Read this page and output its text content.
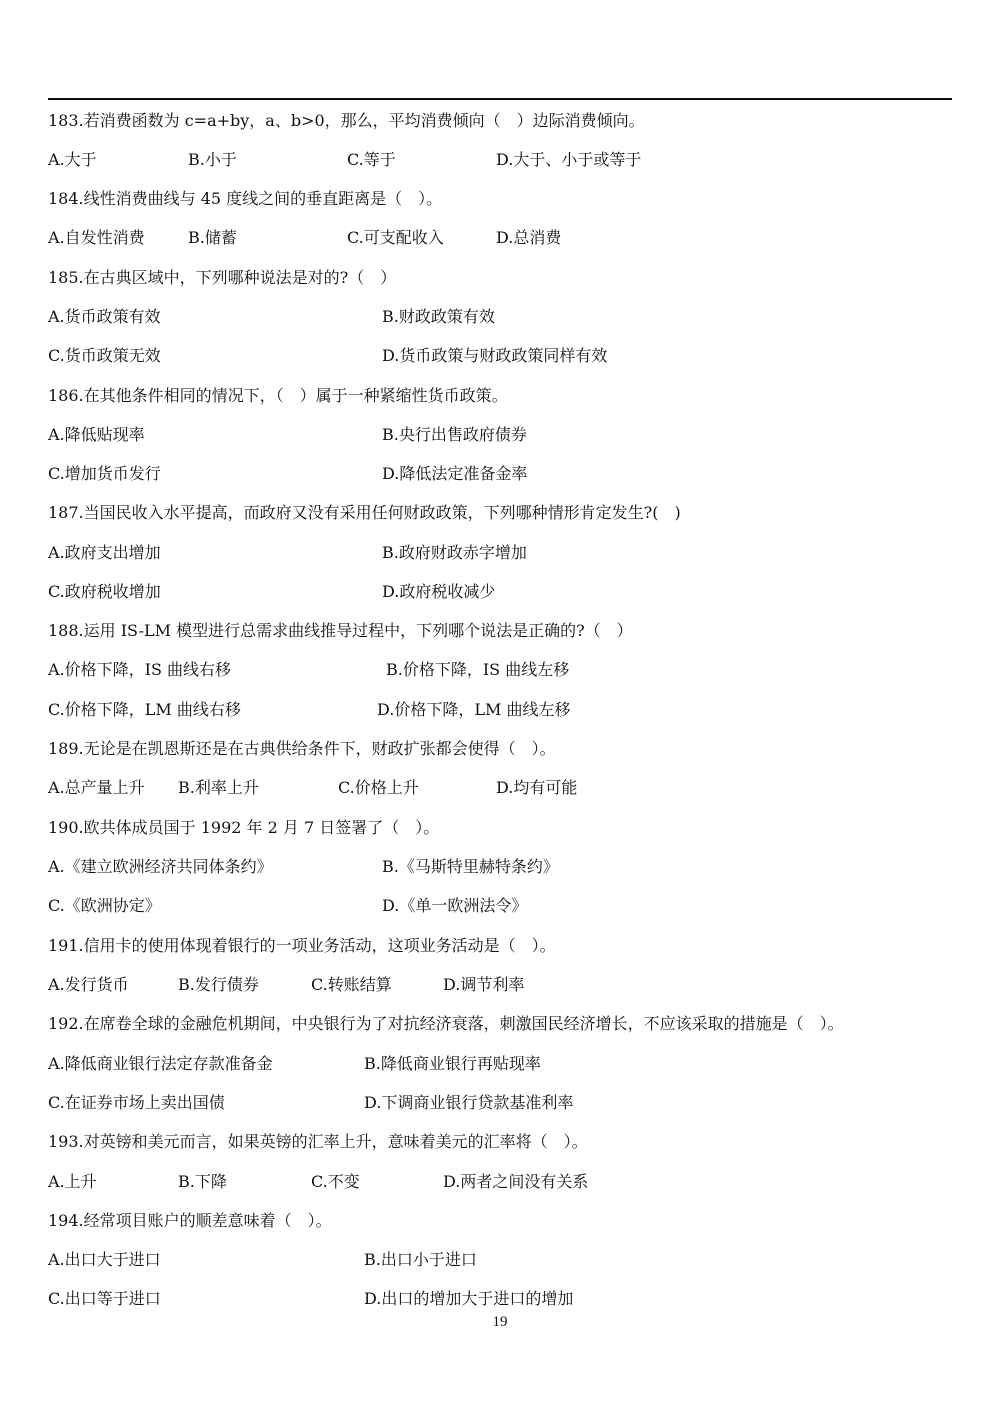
183.若消费函数为 c=a+by，a、b>0，那么，平均消费倾向（　）边际消费倾向。
A.大于	B.小于	C.等于	D.大于、小于或等于
184.线性消费曲线与 45 度线之间的垂直距离是（　）。
A.自发性消费	B.储蓄	C.可支配收入	D.总消费
185.在古典区域中，下列哪种说法是对的?（　）
A.货币政策有效	B.财政政策有效
C.货币政策无效	D.货币政策与财政政策同样有效
186.在其他条件相同的情况下，（　）属于一种紧缩性货币政策。
A.降低贴现率	B.央行出售政府债券
C.增加货币发行	D.降低法定准备金率
187.当国民收入水平提高，而政府又没有采用任何财政政策，下列哪种情形肯定发生?(　)
A.政府支出增加	B.政府财政赤字增加
C.政府税收增加	D.政府税收减少
188.运用 IS-LM 模型进行总需求曲线推导过程中，下列哪个说法是正确的?（　）
A.价格下降，IS 曲线右移	B.价格下降，IS 曲线左移
C.价格下降，LM 曲线右移	D.价格下降，LM 曲线左移
189.无论是在凯恩斯还是在古典供给条件下，财政扩张都会使得（　）。
A.总产量上升 B.利率上升	C.价格上升	D.均有可能
190.欧共体成员国于 1992 年 2 月 7 日签署了（　）。
A.《建立欧洲经济共同体条约》	B.《马斯特里赫特条约》
C.《欧洲协定》	D.《单一欧洲法令》
191.信用卡的使用体现着银行的一项业务活动，这项业务活动是（　）。
A.发行货币	B.发行债券	C.转账结算	D.调节利率
192.在席卷全球的金融危机期间，中央银行为了对抗经济衰落，刺激国民经济增长，不应该采取的措施是（　）。
A.降低商业银行法定存款准备金	B.降低商业银行再贴现率
C.在证券市场上卖出国债	D.下调商业银行贷款基准利率
193.对英镑和美元而言，如果英镑的汇率上升，意味着美元的汇率将（　）。
A.上升	B.下降	C.不变	D.两者之间没有关系
194.经常项目账户的顺差意味着（　）。
A.出口大于进口	B.出口小于进口
C.出口等于进口	D.出口的增加大于进口的增加
19
